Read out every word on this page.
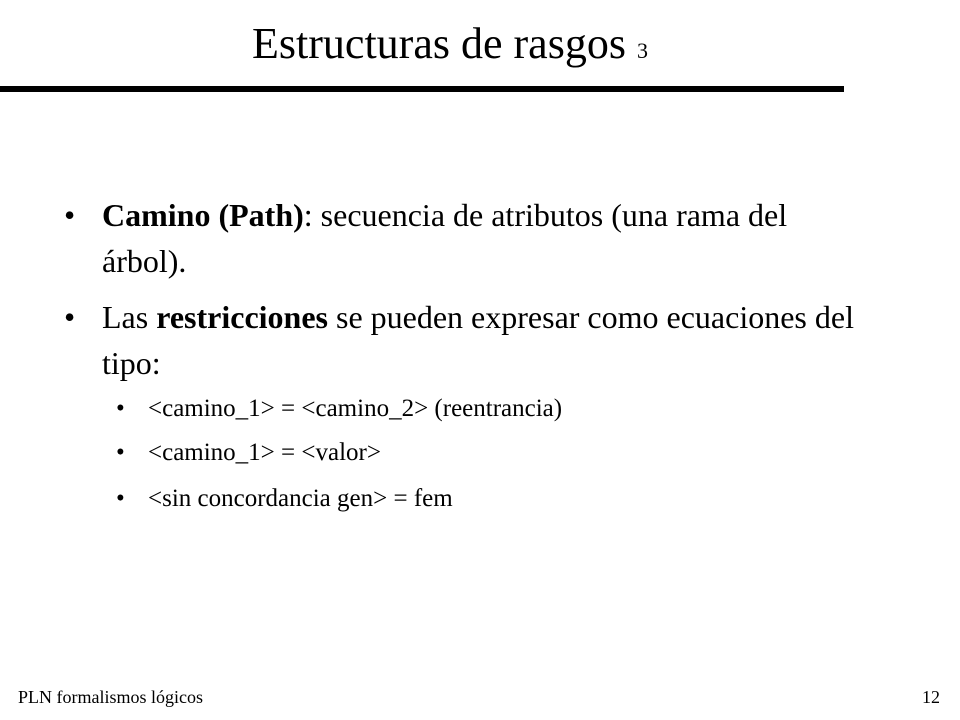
Estructuras de rasgos 3
• Camino (Path): secuencia de atributos (una rama del árbol).
• Las restricciones se pueden expresar como ecuaciones del tipo:
• <camino_1> = <camino_2> (reentrancia)
• <camino_1> = <valor>
• <sin concordancia gen> = fem
PLN formalismos lógicos	12
